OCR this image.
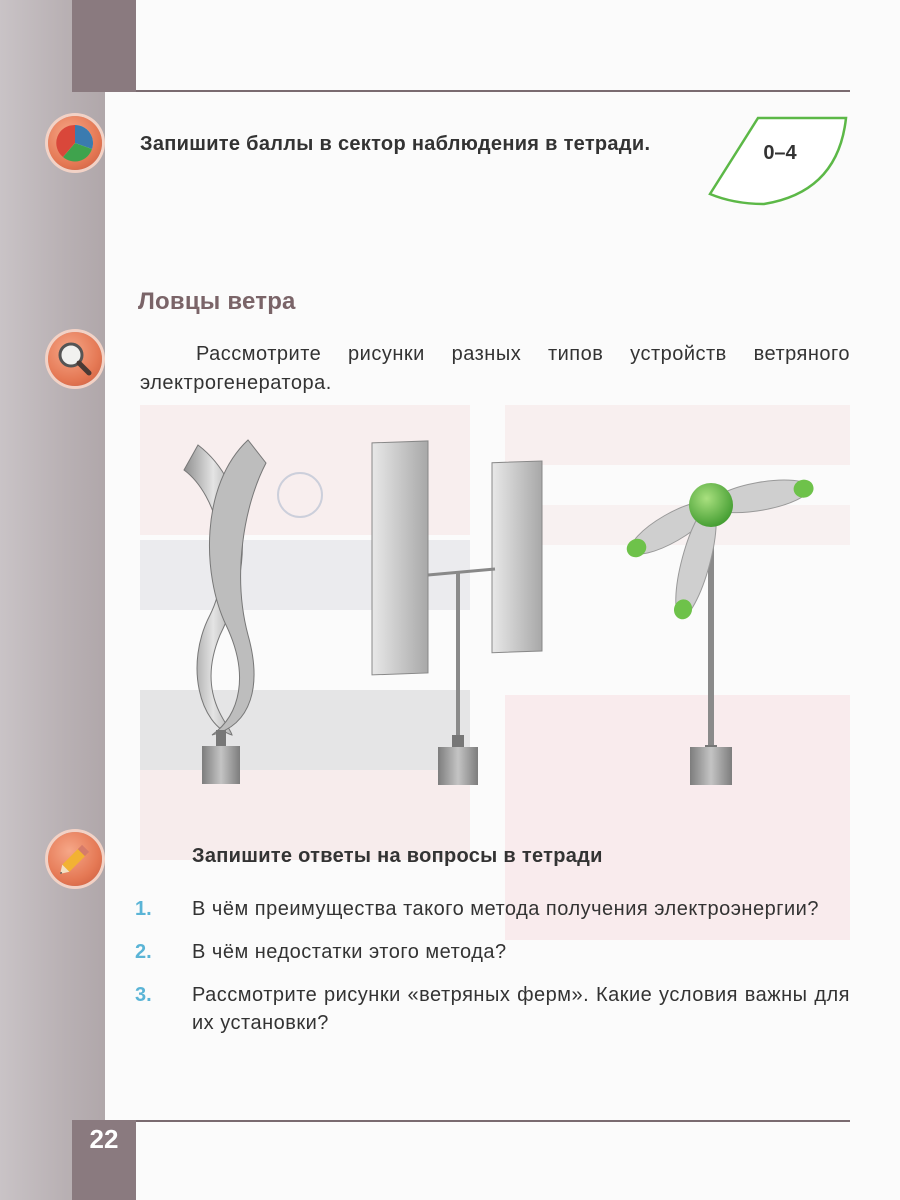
Запишите баллы в сектор наблюдения в тетради.	0–4
Ловцы ветра
Рассмотрите рисунки разных типов устройств ветряного электрогенератора.
Запишите ответы на вопросы в тетради
1.	В чём преимущества такого метода получения электроэнергии?
2.	В чём недостатки этого метода?
3.	Рассмотрите рисунки «ветряных ферм». Какие условия важны для их установки?
22
